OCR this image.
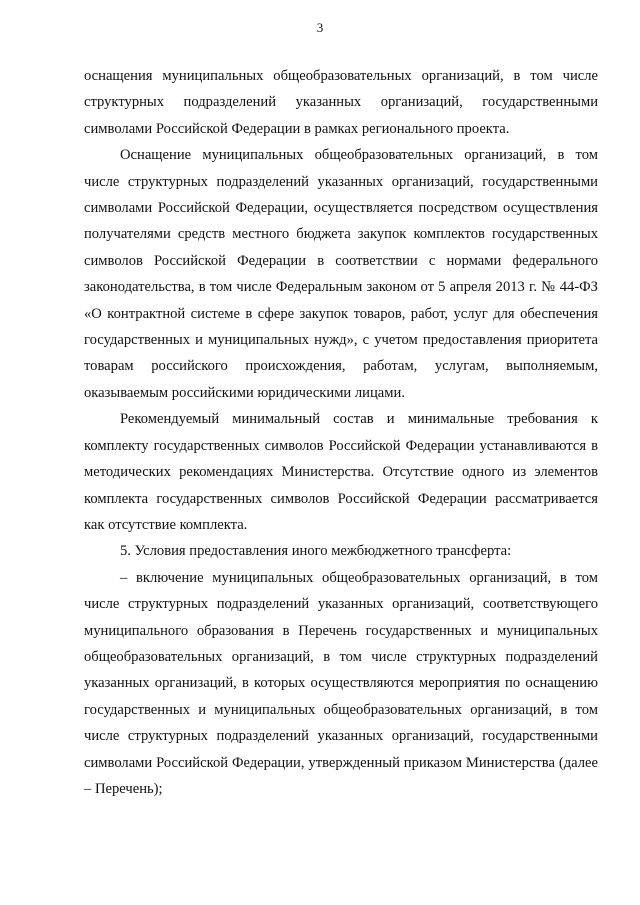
3

оснащения муниципальных общеобразовательных организаций, в том числе структурных подразделений указанных организаций, государственными символами Российской Федерации в рамках регионального проекта.

Оснащение муниципальных общеобразовательных организаций, в том числе структурных подразделений указанных организаций, государственными символами Российской Федерации, осуществляется посредством осуществления получателями средств местного бюджета закупок комплектов государственных символов Российской Федерации в соответствии с нормами федерального законодательства, в том числе Федеральным законом от 5 апреля 2013 г. № 44-ФЗ «О контрактной системе в сфере закупок товаров, работ, услуг для обеспечения государственных и муниципальных нужд», с учетом предоставления приоритета товарам российского происхождения, работам, услугам, выполняемым, оказываемым российскими юридическими лицами.

Рекомендуемый минимальный состав и минимальные требования к комплекту государственных символов Российской Федерации устанавливаются в методических рекомендациях Министерства. Отсутствие одного из элементов комплекта государственных символов Российской Федерации рассматривается как отсутствие комплекта.

5. Условия предоставления иного межбюджетного трансферта:

– включение муниципальных общеобразовательных организаций, в том числе структурных подразделений указанных организаций, соответствующего муниципального образования в Перечень государственных и муниципальных общеобразовательных организаций, в том числе структурных подразделений указанных организаций, в которых осуществляются мероприятия по оснащению государственных и муниципальных общеобразовательных организаций, в том числе структурных подразделений указанных организаций, государственными символами Российской Федерации, утвержденный приказом Министерства (далее – Перечень);
